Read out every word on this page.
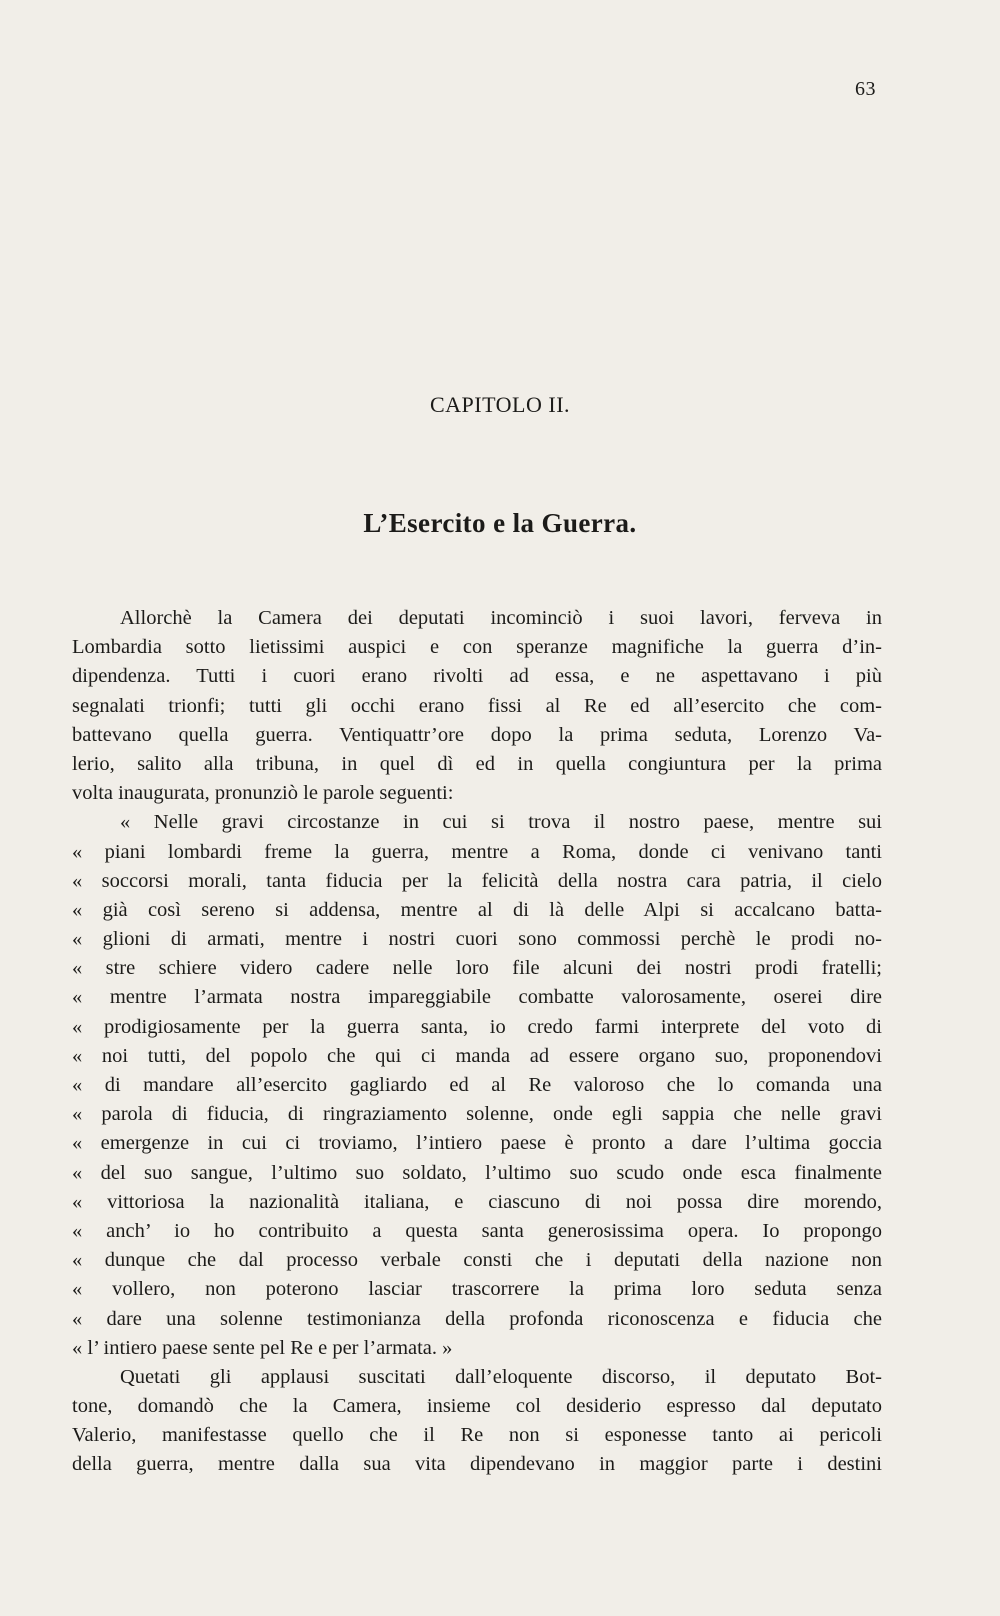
63
CAPITOLO II.
L’Esercito e la Guerra.
Allorchè la Camera dei deputati incominciò i suoi lavori, ferveva in
Lombardia sotto lietissimi auspici e con speranze magnifiche la guerra d’in-
dipendenza. Tutti i cuori erano rivolti ad essa, e ne aspettavano i più
segnalati trionfi; tutti gli occhi erano fissi al Re ed all’esercito che com-
battevano quella guerra. Ventiquattr’ore dopo la prima seduta, Lorenzo Va-
lerio, salito alla tribuna, in quel dì ed in quella congiuntura per la prima
volta inaugurata, pronunziò le parole seguenti:
« Nelle gravi circostanze in cui si trova il nostro paese, mentre sui
« piani lombardi freme la guerra, mentre a Roma, donde ci venivano tanti
« soccorsi morali, tanta fiducia per la felicità della nostra cara patria, il cielo
« già così sereno si addensa, mentre al di là delle Alpi si accalcano batta-
« glioni di armati, mentre i nostri cuori sono commossi perchè le prodi no-
« stre schiere videro cadere nelle loro file alcuni dei nostri prodi fratelli;
« mentre l’armata nostra impareggiabile combatte valorosamente, oserei dire
« prodigiosamente per la guerra santa, io credo farmi interprete del voto di
« noi tutti, del popolo che qui ci manda ad essere organo suo, proponendovi
« di mandare all’esercito gagliardo ed al Re valoroso che lo comanda una
« parola di fiducia, di ringraziamento solenne, onde egli sappia che nelle gravi
« emergenze in cui ci troviamo, l’intiero paese è pronto a dare l’ultima goccia
« del suo sangue, l’ultimo suo soldato, l’ultimo suo scudo onde esca finalmente
« vittoriosa la nazionalità italiana, e ciascuno di noi possa dire morendo,
« anch’ io ho contribuito a questa santa generosissima opera. Io propongo
« dunque che dal processo verbale consti che i deputati della nazione non
« vollero, non poterono lasciar trascorrere la prima loro seduta senza
« dare una solenne testimonianza della profonda riconoscenza e fiducia che
« l’ intiero paese sente pel Re e per l’armata. »
Quetati gli applausi suscitati dall’eloquente discorso, il deputato Bot-
tone, domandò che la Camera, insieme col desiderio espresso dal deputato
Valerio, manifestasse quello che il Re non si esponesse tanto ai pericoli
della guerra, mentre dalla sua vita dipendevano in maggior parte i destini
